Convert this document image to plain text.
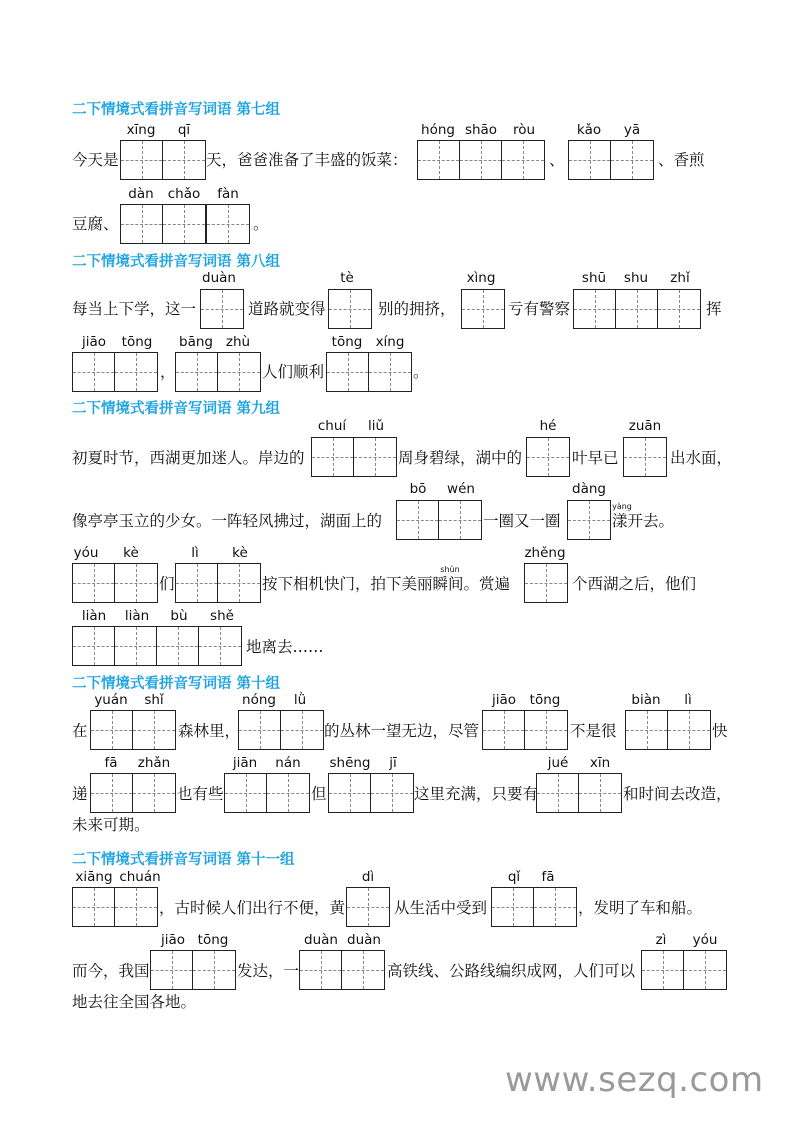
二下情境式看拼音写词语 第七组
xīng	qī	hóng shāo	ròu	kǎo	yā
今天是	天，爸爸准备了丰盛的饭菜：	、	、香煎
dàn	chǎo	fàn
豆腐、	。
二下情境式看拼音写词语 第八组
duàn	tè	xìng	shū	shu	zhǐ
每当上下学，这一	道路就变得	别的拥挤，	亏有警察	挥
jiāo	tōng	bāng zhù	tōng xíng
，	人们顺利	。
二下情境式看拼音写词语 第九组
chuí	liǔ	hé	zuān
初夏时节，西湖更加迷人。岸边的	周身碧绿，湖中的	叶早已	出水面，
bō	wén	dàng
像亭亭玉立的少女。一阵轻风拂过，湖面上的	一圈又一圈
yàng
漾开去。
yóu	kè	lì	kè
shùn
zhěng
们	按下相机快门，拍下美丽瞬间。赏遍	个西湖之后，他们
liàn	liàn	bù	shě
地离去……
二下情境式看拼音写词语 第十组
yuán	shǐ	nóng	lǜ	jiāo	tōng	biàn	lì
在	森林里，	的丛林一望无边，尽管	不是很	快
fā	zhǎn	jiān	nán	shēng	jī	jué	xīn
递	也有些	但	这里充满，只要有	和时间去改造，
未来可期。
二下情境式看拼音写词语 第十一组
xiāng chuán	dì	qǐ	fā
，古时候人们出行不便，黄	从生活中受到	，发明了车和船。
jiāo tōng	duàn duàn	zì	yóu
而今，我国	发达，一	高铁线、公路线编织成网，人们可以
地去往全国各地。
www.sezq.com
